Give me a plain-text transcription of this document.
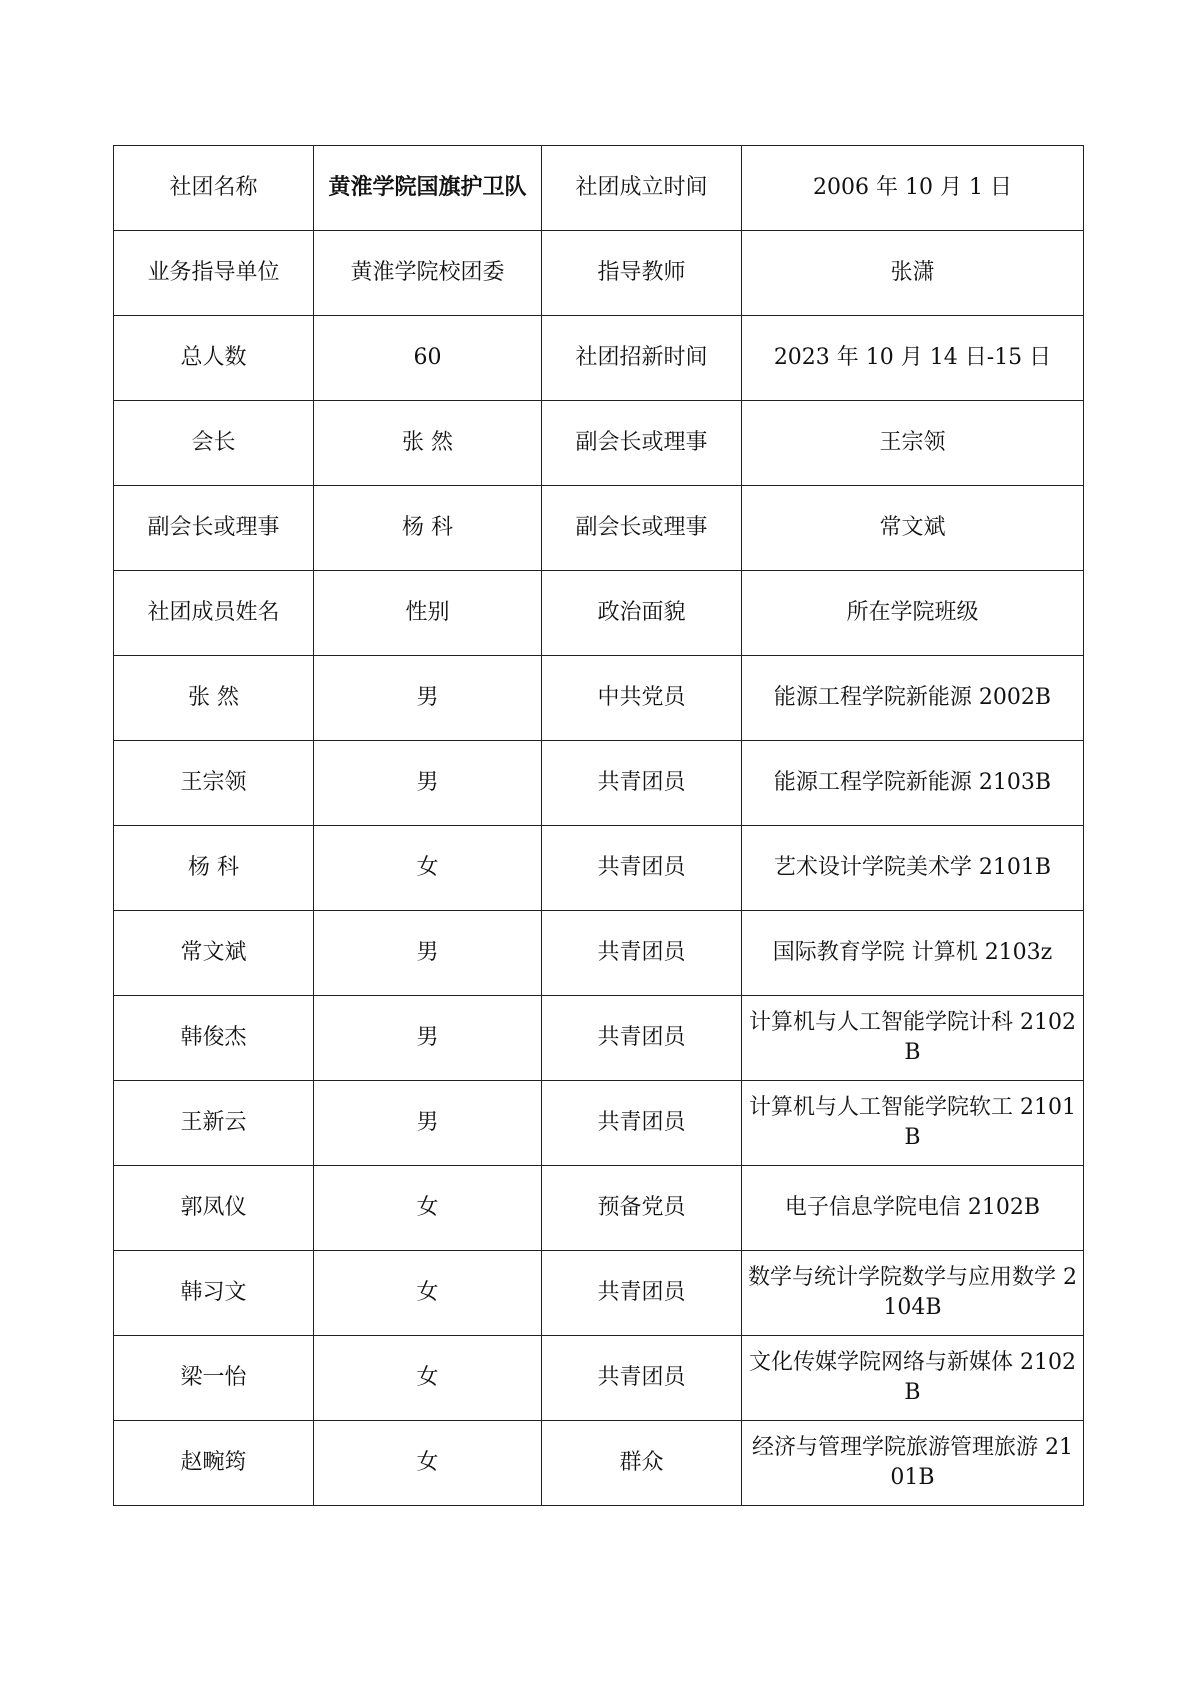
社团名称	黄淮学院国旗护卫队	社团成立时间	2006 年 10 月 1 日
业务指导单位	黄淮学院校团委	指导教师	张潇
总人数	60	社团招新时间	2023 年 10 月 14 日-15 日
会长	张 然	副会长或理事	王宗领
副会长或理事	杨 科	副会长或理事	常文斌
社团成员姓名	性别	政治面貌	所在学院班级
张 然	男	中共党员	能源工程学院新能源 2002B
王宗领	男	共青团员	能源工程学院新能源 2103B
杨 科	女	共青团员	艺术设计学院美术学 2101B
常文斌	男	共青团员	国际教育学院 计算机 2103z
韩俊杰	男	共青团员	计算机与人工智能学院计科 2102B
王新云	男	共青团员	计算机与人工智能学院软工 2101B
郭凤仪	女	预备党员	电子信息学院电信 2102B
韩习文	女	共青团员	数学与统计学院数学与应用数学 2104B
梁一怡	女	共青团员	文化传媒学院网络与新媒体 2102B
赵畹筠	女	群众	经济与管理学院旅游管理旅游 2101B
